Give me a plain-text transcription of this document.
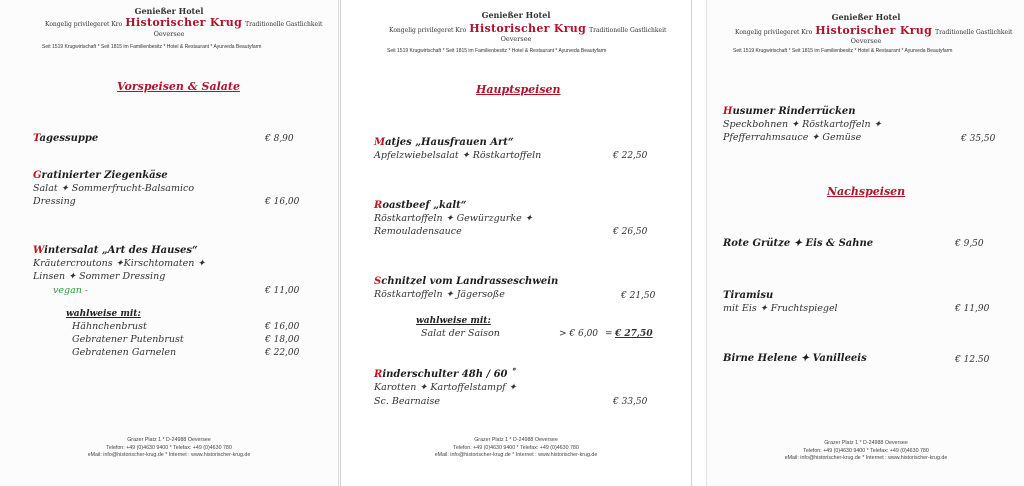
Genießer Hotel
Kongelig privilegeret Kro Historischer Krug Traditionelle Gastlichkeit
Oeversee
Seit 1519 Krugwirtschaft * Seit 1815 im Familienbesitz * Hotel & Restaurant * Ayurveda Beautyfarm
Vorspeisen & Salate
Tagessuppe	€ 8,90
Gratinierter Ziegenkäse
Salat ✦ Sommerfrucht-Balsamico
Dressing	€ 16,00
Wintersalat „Art des Hauses“
Kräutercroutons ✦Kirschtomaten ✦
Linsen ✦ Sommer Dressing
vegan -	€ 11,00
wahlweise mit:
Hähnchenbrust	€ 16,00
Gebratener Putenbrust	€ 18,00
Gebratenen Garnelen	€ 22,00
Grazer Platz 1 * D-24988 Oeversee
Telefon: +49 (0)4630 9400 * Telefax: +49 (0)4630 780
eMail: info@historischer-krug.de * Internet : www.historischer-krug.de
Genießer Hotel
Kongelig privilegeret Kro Historischer Krug Traditionelle Gastlichkeit
Oeversee
Seit 1519 Krugwirtschaft * Seit 1815 im Familienbesitz * Hotel & Restaurant * Ayurveda Beautyfarm
Hauptspeisen
Matjes „Hausfrauen Art“
Apfelzwiebelsalat ✦ Röstkartoffeln	€ 22,50
Roastbeef „kalt“
Röstkartoffeln ✦ Gewürzgurke ✦
Remouladensauce	€ 26,50
Schnitzel vom Landrasseschwein
Röstkartoffeln ✦ Jägersoße	€ 21,50
wahlweise mit:
Salat der Saison	> € 6,00 = € 27,50
Rinderschulter 48h / 60 ˚
Karotten ✦ Kartoffelstampf ✦
Sc. Bearnaise	€ 33,50
Grazer Platz 1 * D-24988 Oeversee
Telefon: +49 (0)4630 9400 * Telefax: +49 (0)4630 780
eMail: info@historischer-krug.de * Internet : www.historischer-krug.de
Genießer Hotel
Kongelig privilegeret Kro Historischer Krug Traditionelle Gastlichkeit
Oeversee
Seit 1519 Krugwirtschaft * Seit 1815 im Familienbesitz * Hotel & Restaurant * Ayurveda Beautyfarm
Husumer Rinderrücken
Speckbohnen ✦ Röstkartoffeln ✦
Pfefferrahmsauce ✦ Gemüse	€ 35,50
Nachspeisen
Rote Grütze ✦ Eis & Sahne	€ 9,50
Tiramisu
mit Eis ✦ Fruchtspiegel	€ 11,90
Birne Helene ✦ Vanilleeis	€ 12.50
Grazer Platz 1 * D-24988 Oeversee
Telefon: +49 (0)4630 9400 * Telefax: +49 (0)4630 780
eMail: info@historischer-krug.de * Internet : www.historischer-krug.de
